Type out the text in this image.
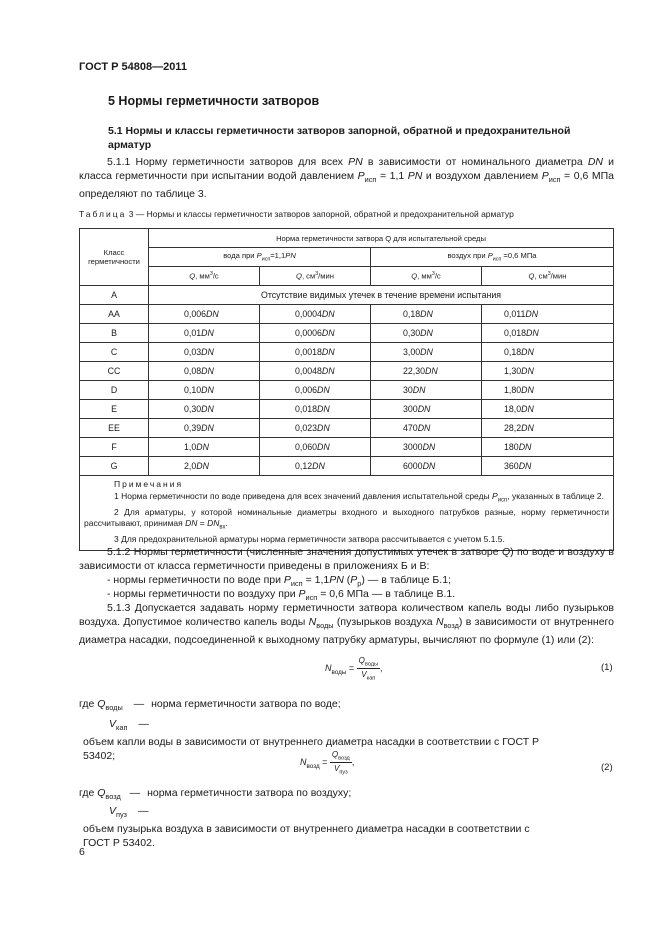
ГОСТ Р 54808—2011
5 Нормы герметичности затворов
5.1 Нормы и классы герметичности затворов запорной, обратной и предохранительной арматур
5.1.1 Норму герметичности затворов для всех PN в зависимости от номинального диаметра DN и класса герметичности при испытании водой давлением $P_{исп} = 1,1$ PN и воздухом давлением $P_{исп} = 0,6$ МПа определяют по таблице 3.
Таблица 3 — Нормы и классы герметичности затворов запорной, обратной и предохранительной арматур
Класс герметичности	Норма герметичности затвора Q для испытательной среды			
	вода при $P_{исп}=1,1PN$		воздух при $P_{исп} =0,6$ МПа	
	Q, $мм^3/с$	Q, $см^3$/мин	Q, $мм^3/с$	Q, $см^3$/мин
А	Отсутствие видимых утечек в течение времени испытания			
АА	0,006DN	0,0004DN	0,18DN	0,011DN
В	0,01DN	0,0006DN	0,30DN	0,018DN
С	0,03DN	0,0018DN	3,00DN	0,18DN
СС	0,08DN	0,0048DN	22,30DN	1,30DN
D	0,10DN	0,006DN	30DN	1,80DN
E	0,30DN	0,018DN	300DN	18,0DN
EE	0,39DN	0,023DN	470DN	28,2DN
F	1,0DN	0,060DN	3000DN	180DN
G	2,0DN	0,12DN	6000DN	360DN

Примечания
1 Норма герметичности по воде приведена для всех значений давления испытательной среды $P_{исп}$, указанных в таблице 2.
2 Для арматуры, у которой номинальные диаметры входного и выходного патрубков разные, норму герметичности рассчитывают, принимая DN = $DN_{вх}$.
3 Для предохранительной арматуры норма герметичности затвора рассчитывается с учетом 5.1.5.				
5.1.2 Нормы герметичности (численные значения допустимых утечек в затворе Q) по воде и воздуху в зависимости от класса герметичности приведены в приложениях Б и В:
- нормы герметичности по воде при $P_{исп} = 1,1PN$ $(P_р)$ — в таблице Б.1;
- нормы герметичности по воздуху при $P_{исп} = 0,6$ МПа — в таблице В.1.
5.1.3 Допускается задавать норму герметичности затвора количеством капель воды либо пузырьков воздуха. Допустимое количество капель воды $N_{воды}$ (пузырьков воздуха $N_{возд}$) в зависимости от внутреннего диаметра насадки, подсоединенной к выходному патрубку арматуры, вычисляют по формуле (1) или (2):
$N_{воды} = \frac{Q_{воды}}{V_{кап}}$ ,	(1)
где $Q_{воды}$ — норма герметичности затвора по воде;
$V_{кап}$ — объем капли воды в зависимости от внутреннего диаметра насадки в соответствии с ГОСТ Р 53402;	$N_{возд} = \frac{Q_{возд}}{V_{пуз}}$ ,
(2)
где $Q_{возд}$ — норма герметичности затвора по воздуху;
$V_{пуз}$ — объем пузырька воздуха в зависимости от внутреннего диаметра насадки в соответствии с ГОСТ Р 53402.
6
